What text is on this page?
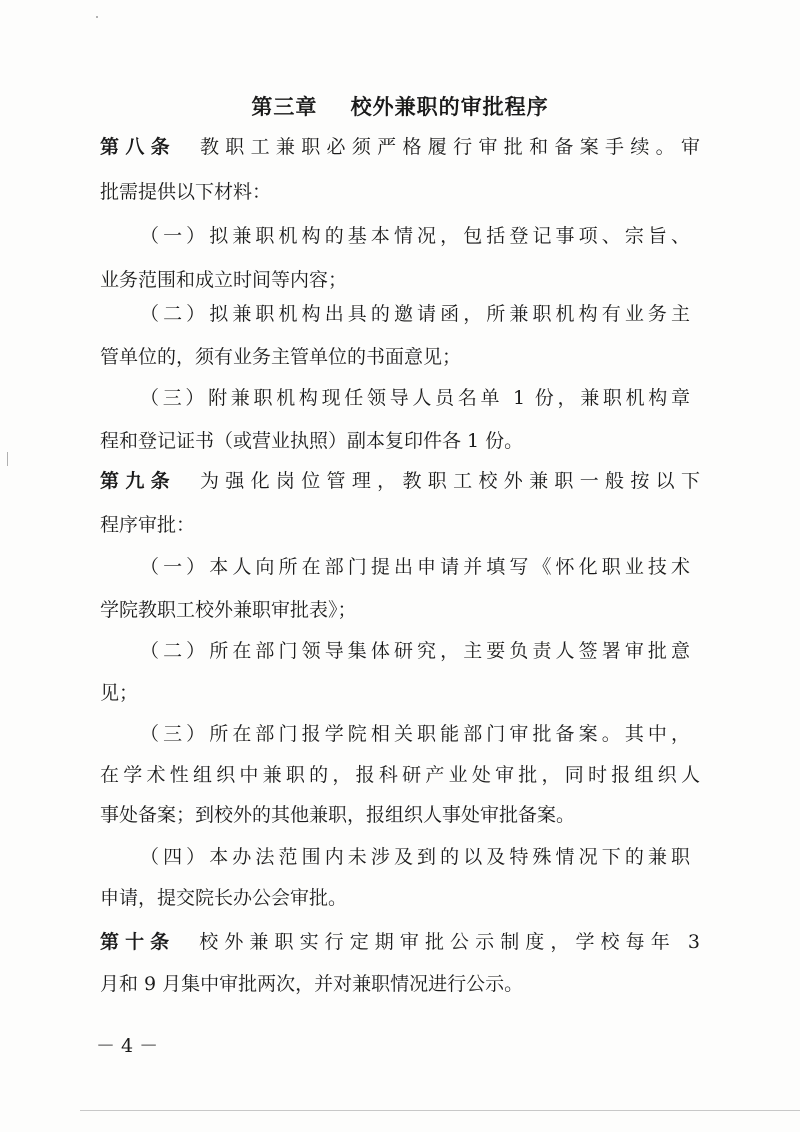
第三章    校外兼职的审批程序
第八条 教职工兼职必须严格履行审批和备案手续。审
批需提供以下材料：
（一）拟兼职机构的基本情况，包括登记事项、宗旨、
业务范围和成立时间等内容；
（二）拟兼职机构出具的邀请函，所兼职机构有业务主
管单位的，须有业务主管单位的书面意见；
（三）附兼职机构现任领导人员名单 1 份，兼职机构章
程和登记证书（或营业执照）副本复印件各 1 份。
第九条 为强化岗位管理，教职工校外兼职一般按以下
程序审批：
（一）本人向所在部门提出申请并填写《怀化职业技术
学院教职工校外兼职审批表》；
（二）所在部门领导集体研究，主要负责人签署审批意
见；
（三）所在部门报学院相关职能部门审批备案。其中，
在学术性组织中兼职的，报科研产业处审批，同时报组织人
事处备案；到校外的其他兼职，报组织人事处审批备案。
（四）本办法范围内未涉及到的以及特殊情况下的兼职
申请，提交院长办公会审批。
第十条 校外兼职实行定期审批公示制度，学校每年 3
月和 9 月集中审批两次，并对兼职情况进行公示。
－ 4 －
